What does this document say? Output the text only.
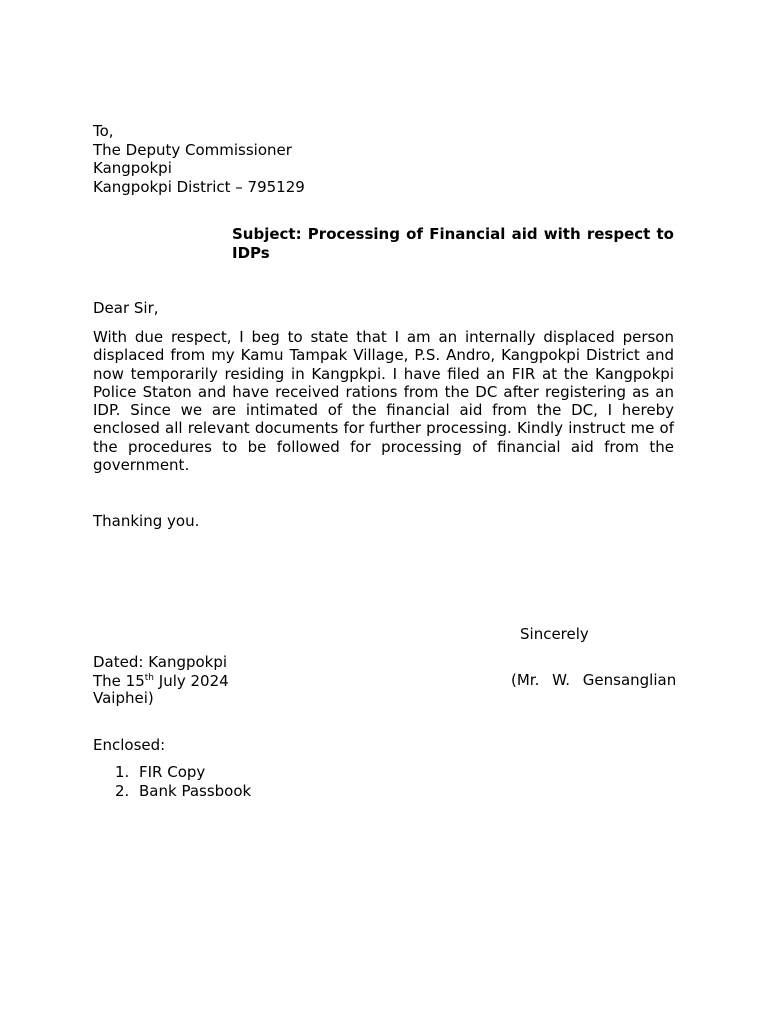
To,
The Deputy Commissioner
Kangpokpi
Kangpokpi District – 795129
Subject: Processing of Financial aid with respect to IDPs
Dear Sir,
With due respect, I beg to state that I am an internally displaced person displaced from my Kamu Tampak Village, P.S. Andro, Kangpokpi District and now temporarily residing in Kangpkpi. I have filed an FIR at the Kangpokpi Police Staton and have received rations from the DC after registering as an IDP. Since we are intimated of the financial aid from the DC, I hereby enclosed all relevant documents for further processing. Kindly instruct me of the procedures to be followed for processing of financial aid from the government.
Thanking you.
Sincerely
Dated: Kangpokpi
The 15th July 2024	(Mr. W. Gensanglian
Vaiphei)
Enclosed:
1. FIR Copy
2. Bank Passbook
